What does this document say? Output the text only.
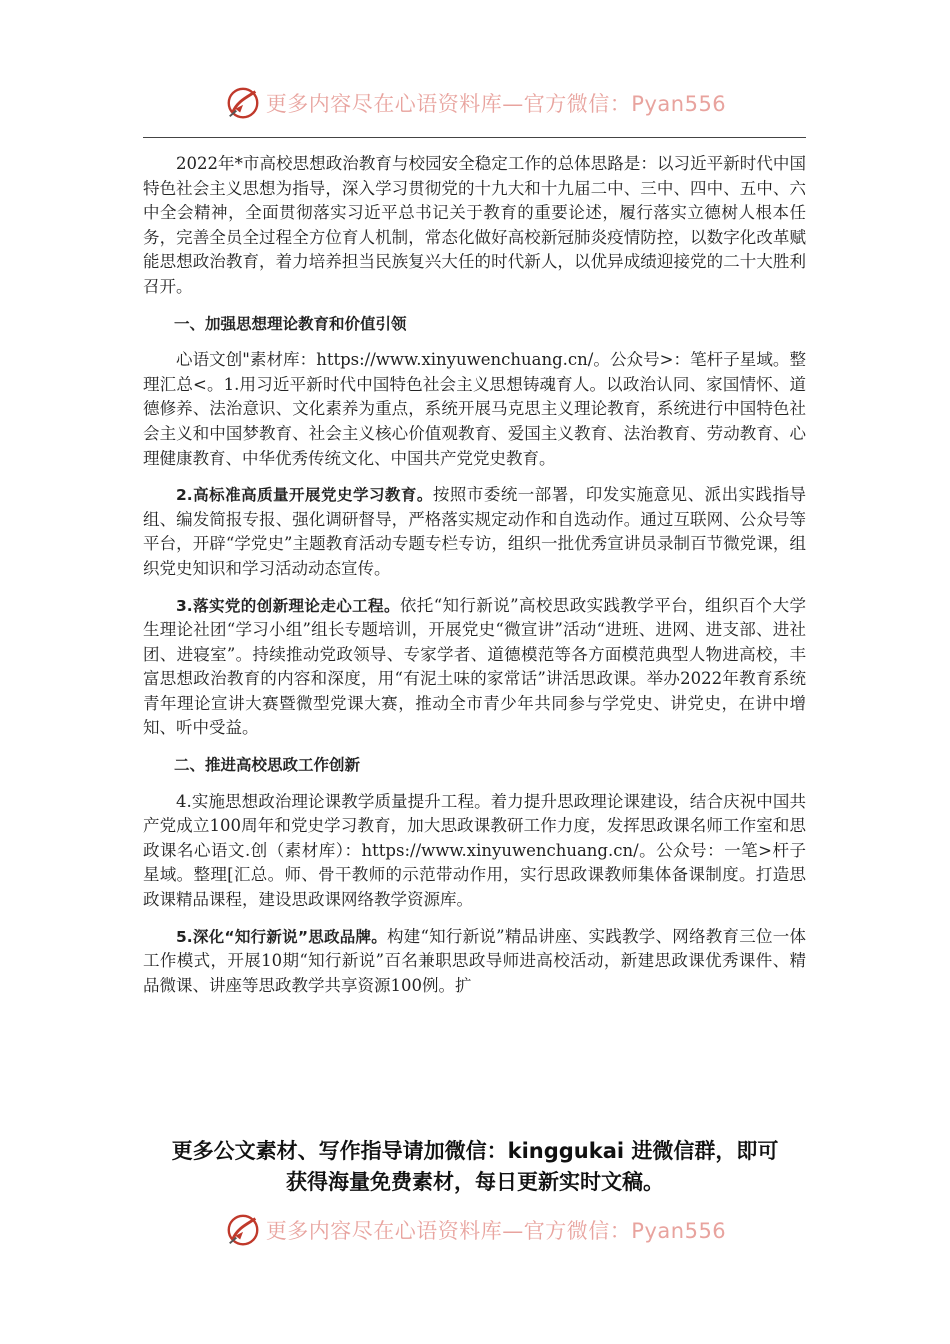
更多内容尽在心语资料库—官方微信：Pyan556

2022年*市高校思想政治教育与校园安全稳定工作的总体思路是：以习近平新时代中国特色社会主义思想为指导，深入学习贯彻党的十九大和十九届二中、三中、四中、五中、六中全会精神，全面贯彻落实习近平总书记关于教育的重要论述，履行落实立德树人根本任务，完善全员全过程全方位育人机制，常态化做好高校新冠肺炎疫情防控，以数字化改革赋能思想政治教育，着力培养担当民族复兴大任的时代新人，以优异成绩迎接党的二十大胜利召开。

一、加强思想理论教育和价值引领

心语文创"素材库：https://www.xinyuwenchuang.cn/。公众号>：笔杆子星域。整理汇总<。1.用习近平新时代中国特色社会主义思想铸魂育人。以政治认同、家国情怀、道德修养、法治意识、文化素养为重点，系统开展马克思主义理论教育，系统进行中国特色社会主义和中国梦教育、社会主义核心价值观教育、爱国主义教育、法治教育、劳动教育、心理健康教育、中华优秀传统文化、中国共产党党史教育。

2.高标准高质量开展党史学习教育。按照市委统一部署，印发实施意见、派出实践指导组、编发简报专报、强化调研督导，严格落实规定动作和自选动作。通过互联网、公众号等平台，开辟“学党史”主题教育活动专题专栏专访，组织一批优秀宣讲员录制百节微党课，组织党史知识和学习活动动态宣传。

3.落实党的创新理论走心工程。依托“知行新说”高校思政实践教学平台，组织百个大学生理论社团“学习小组”组长专题培训，开展党史“微宣讲”活动“进班、进网、进支部、进社团、进寝室”。持续推动党政领导、专家学者、道德模范等各方面模范典型人物进高校，丰富思想政治教育的内容和深度，用“有泥土味的家常话”讲活思政课。举办2022年教育系统青年理论宣讲大赛暨微型党课大赛，推动全市青少年共同参与学党史、讲党史，在讲中增知、听中受益。

二、推进高校思政工作创新

4.实施思想政治理论课教学质量提升工程。着力提升思政理论课建设，结合庆祝中国共产党成立100周年和党史学习教育，加大思政课教研工作力度，发挥思政课名师工作室和思政课名心语文.创（素材库）：https://www.xinyuwenchuang.cn/。公众号：一笔>杆子星域。整理[汇总。师、骨干教师的示范带动作用，实行思政课教师集体备课制度。打造思政课精品课程，建设思政课网络教学资源库。

5.深化“知行新说”思政品牌。构建“知行新说”精品讲座、实践教学、网络教育三位一体工作模式，开展10期“知行新说”百名兼职思政导师进高校活动，新建思政课优秀课件、精品微课、讲座等思政教学共享资源100例。扩

更多公文素材、写作指导请加微信：kinggukai 进微信群，即可
获得海量免费素材，每日更新实时文稿。
更多内容尽在心语资料库—官方微信：Pyan556
